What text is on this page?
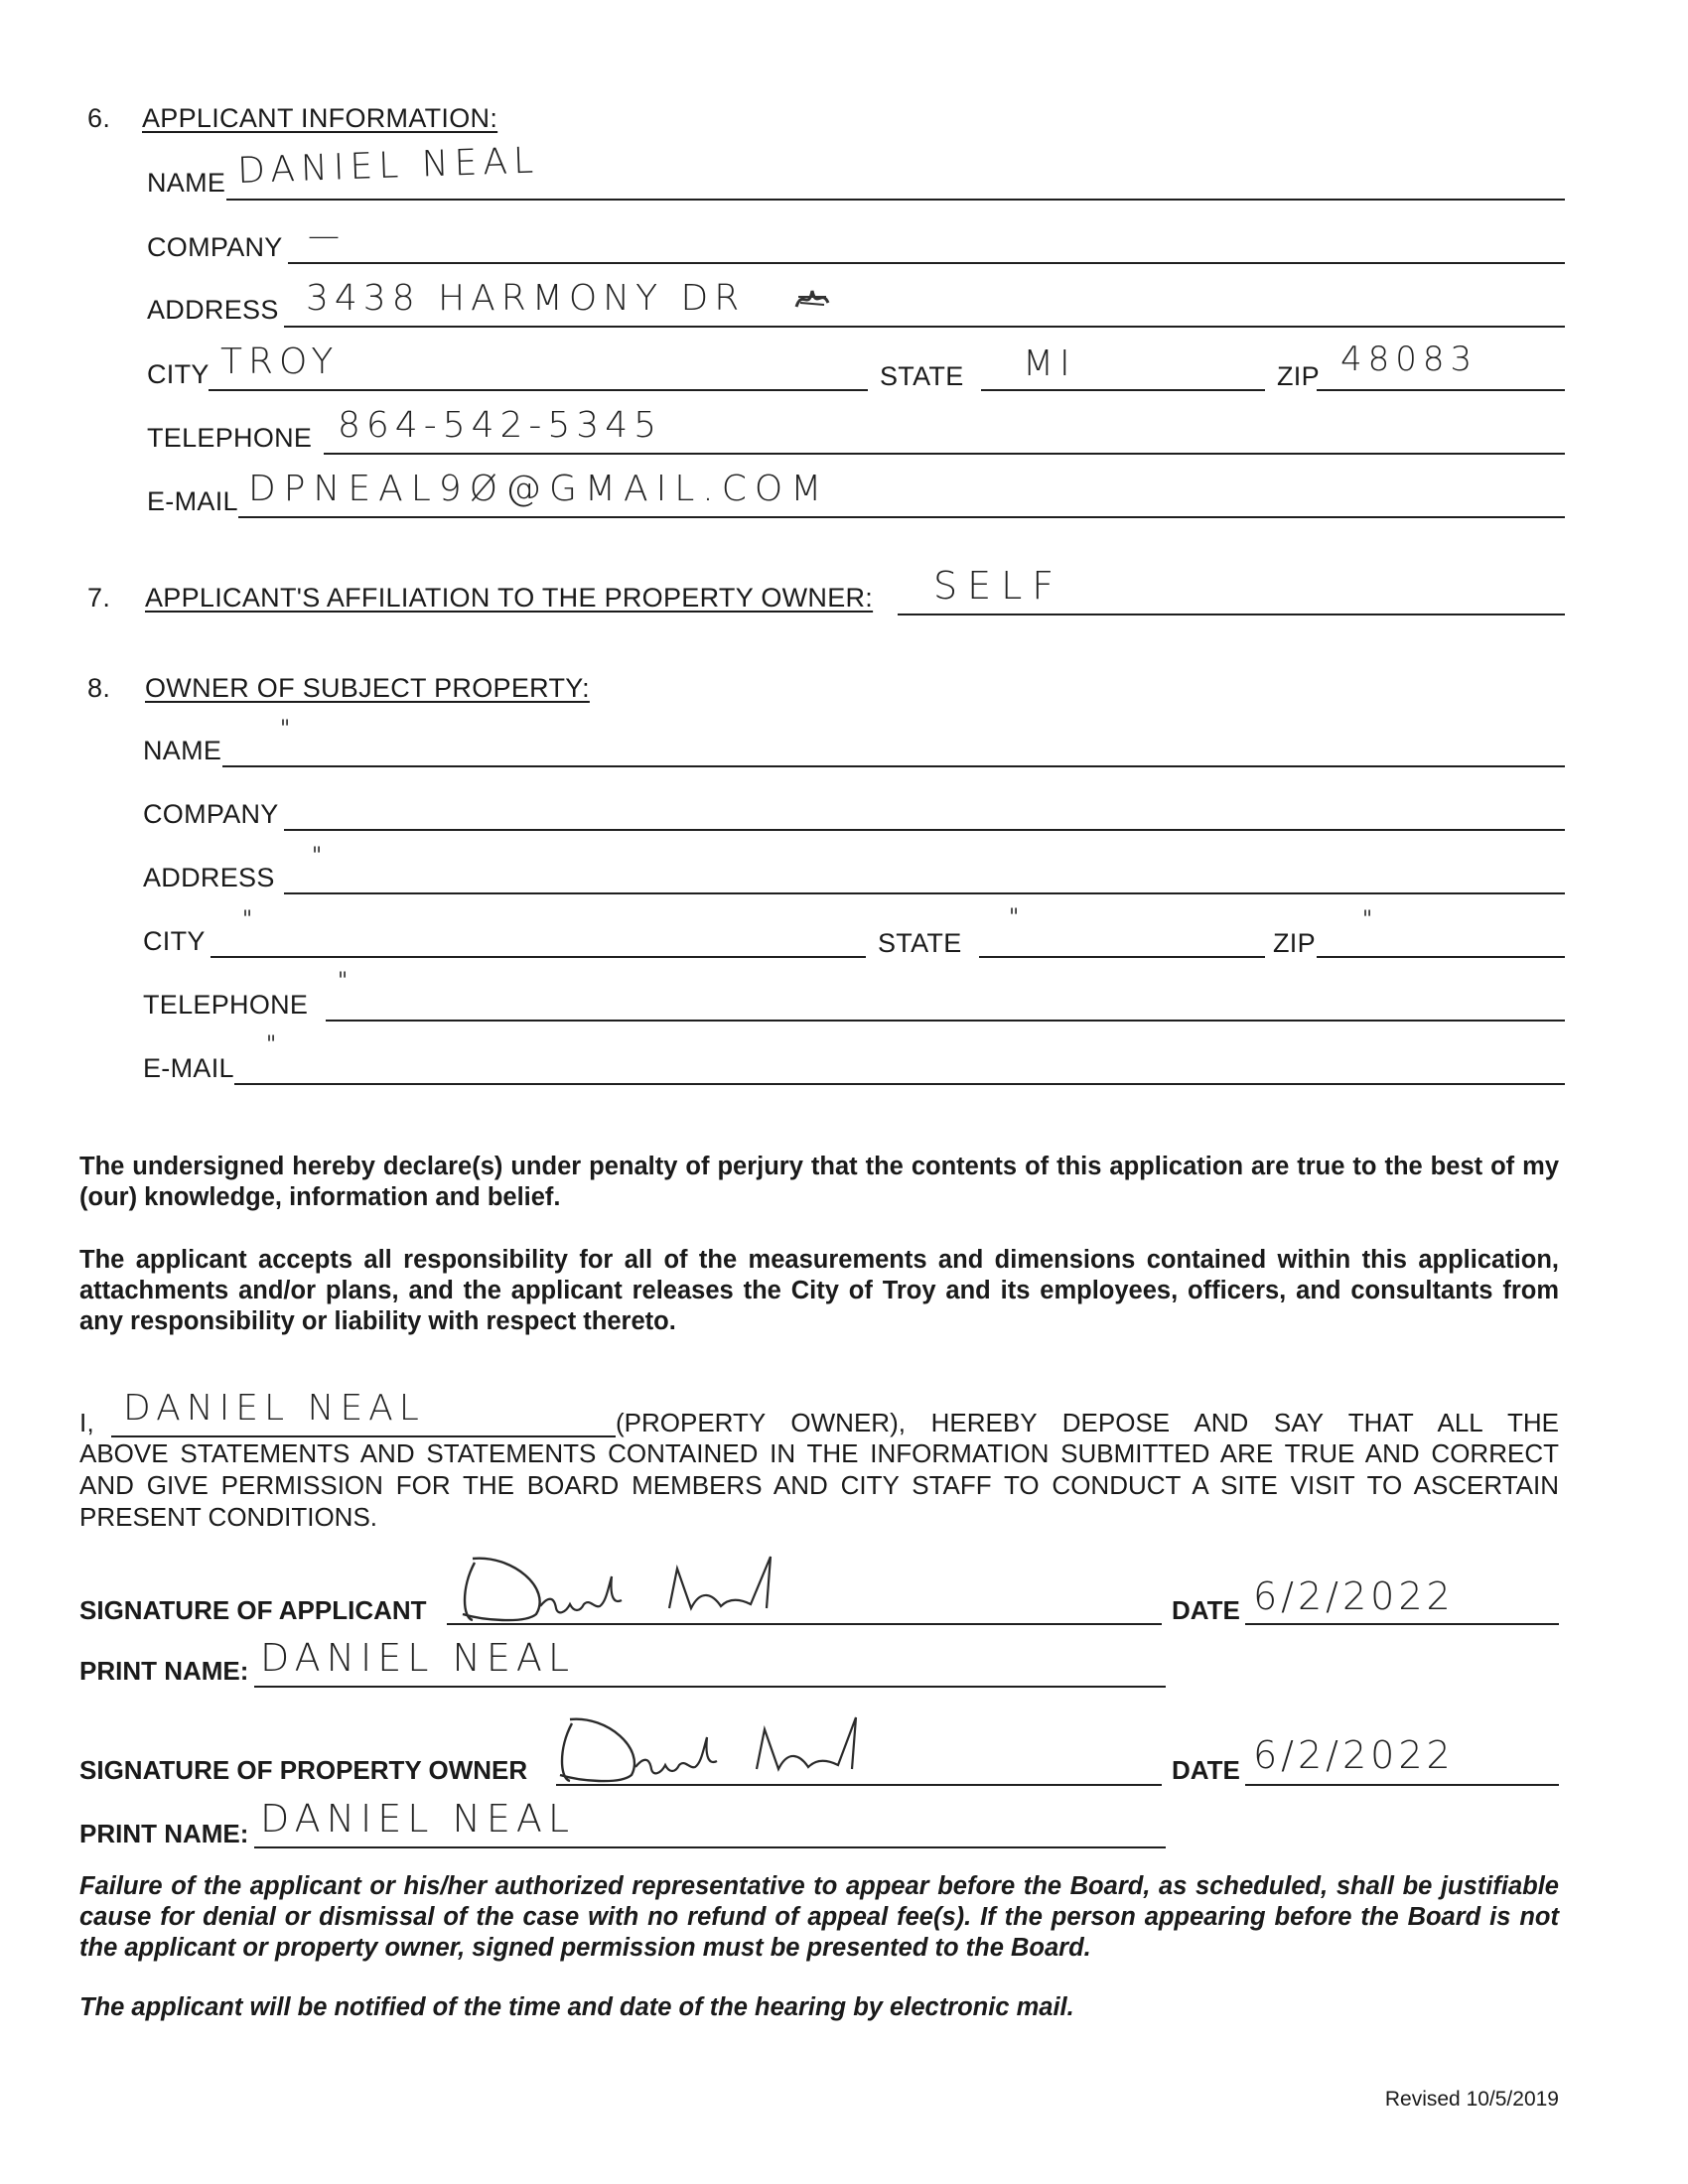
6. APPLICANT INFORMATION:
NAME DANIEL NEAL
COMPANY —
ADDRESS 3438 HARMONY DR
CITY TROY	STATE MI	ZIP 48083
TELEPHONE 864-542-5345
E-MAIL DPNEAL9Ø@GMAIL.COM
7. APPLICANT'S AFFILIATION TO THE PROPERTY OWNER: SELF
8. OWNER OF SUBJECT PROPERTY:
NAME
"
COMPANY
ADDRESS
"
CITY
"
STATE
"
ZIP
"
TELEPHONE
"
E-MAIL
"
The undersigned hereby declare(s) under penalty of perjury that the contents of this application are true to the best of my (our) knowledge, information and belief.
The applicant accepts all responsibility for all of the measurements and dimensions contained within this application, attachments and/or plans, and the applicant releases the City of Troy and its employees, officers, and consultants from any responsibility or liability with respect thereto.
I, DANIEL NEAL	(PROPERTY OWNER), HEREBY DEPOSE AND SAY THAT ALL THE
ABOVE STATEMENTS AND STATEMENTS CONTAINED IN THE INFORMATION SUBMITTED ARE TRUE AND CORRECT AND GIVE PERMISSION FOR THE BOARD MEMBERS AND CITY STAFF TO CONDUCT A SITE VISIT TO ASCERTAIN PRESENT CONDITIONS.
SIGNATURE OF APPLICANT	DATE 6/2/2022
PRINT NAME: DANIEL NEAL
SIGNATURE OF PROPERTY OWNER	DATE 6/2/2022
PRINT NAME: DANIEL NEAL
Failure of the applicant or his/her authorized representative to appear before the Board, as scheduled, shall be justifiable cause for denial or dismissal of the case with no refund of appeal fee(s). If the person appearing before the Board is not the applicant or property owner, signed permission must be presented to the Board.
The applicant will be notified of the time and date of the hearing by electronic mail.
Revised 10/5/2019
